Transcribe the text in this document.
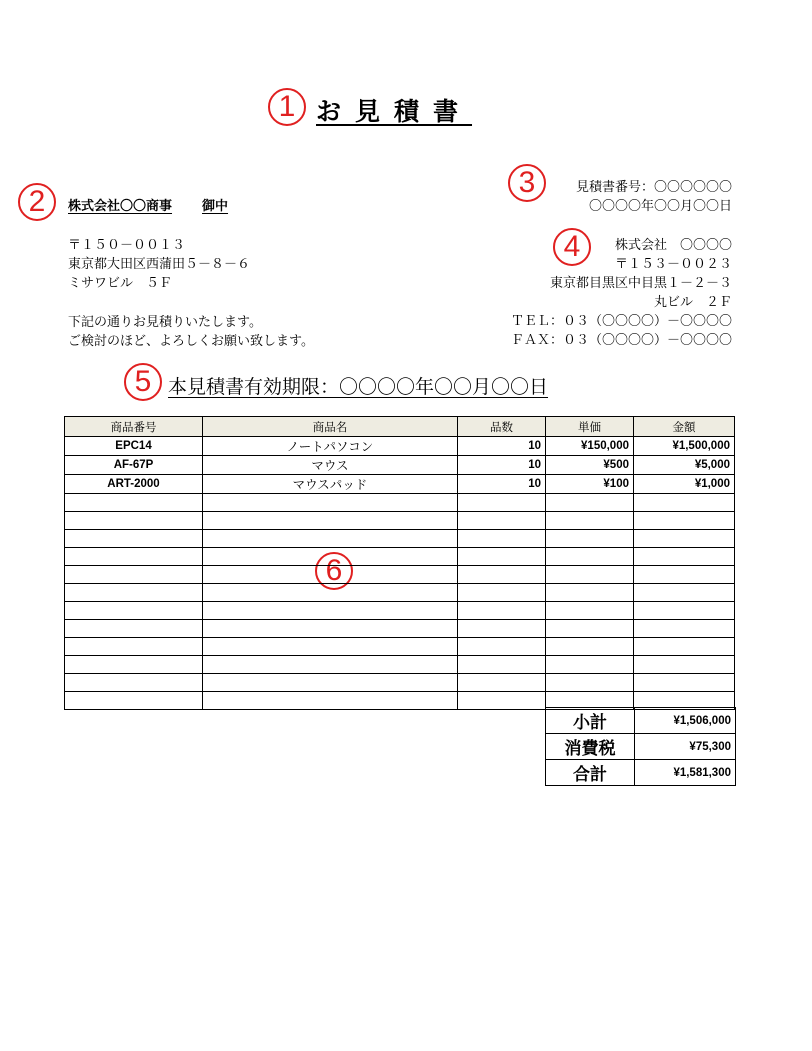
1
2
3
4
5
6
お見積書
株式会社〇〇商事 御中
見積書番号：〇〇〇〇〇〇
〇〇〇〇年〇〇月〇〇日
〒１５０－００１３
東京都大田区西蒲田５－８－６
ミサワビル　５Ｆ
株式会社　〇〇〇〇
〒１５３－００２３
東京都目黒区中目黒１－２－３
丸ビル　２Ｆ
ＴＥＬ：０３（〇〇〇〇）－〇〇〇〇
ＦＡＸ：０３（〇〇〇〇）－〇〇〇〇
下記の通りお見積りいたします。
ご検討のほど、よろしくお願い致します。
本見積書有効期限：〇〇〇〇年〇〇月〇〇日
商品番号	商品名	品数	単価	金額
EPC14	ノートパソコン	10	¥150,000	¥1,500,000
AF-67P	マウス	10	¥500	¥5,000
ART-2000	マウスパッド	10	¥100	¥1,000

小計	¥1,506,000
消費税	¥75,300
合計	¥1,581,300
